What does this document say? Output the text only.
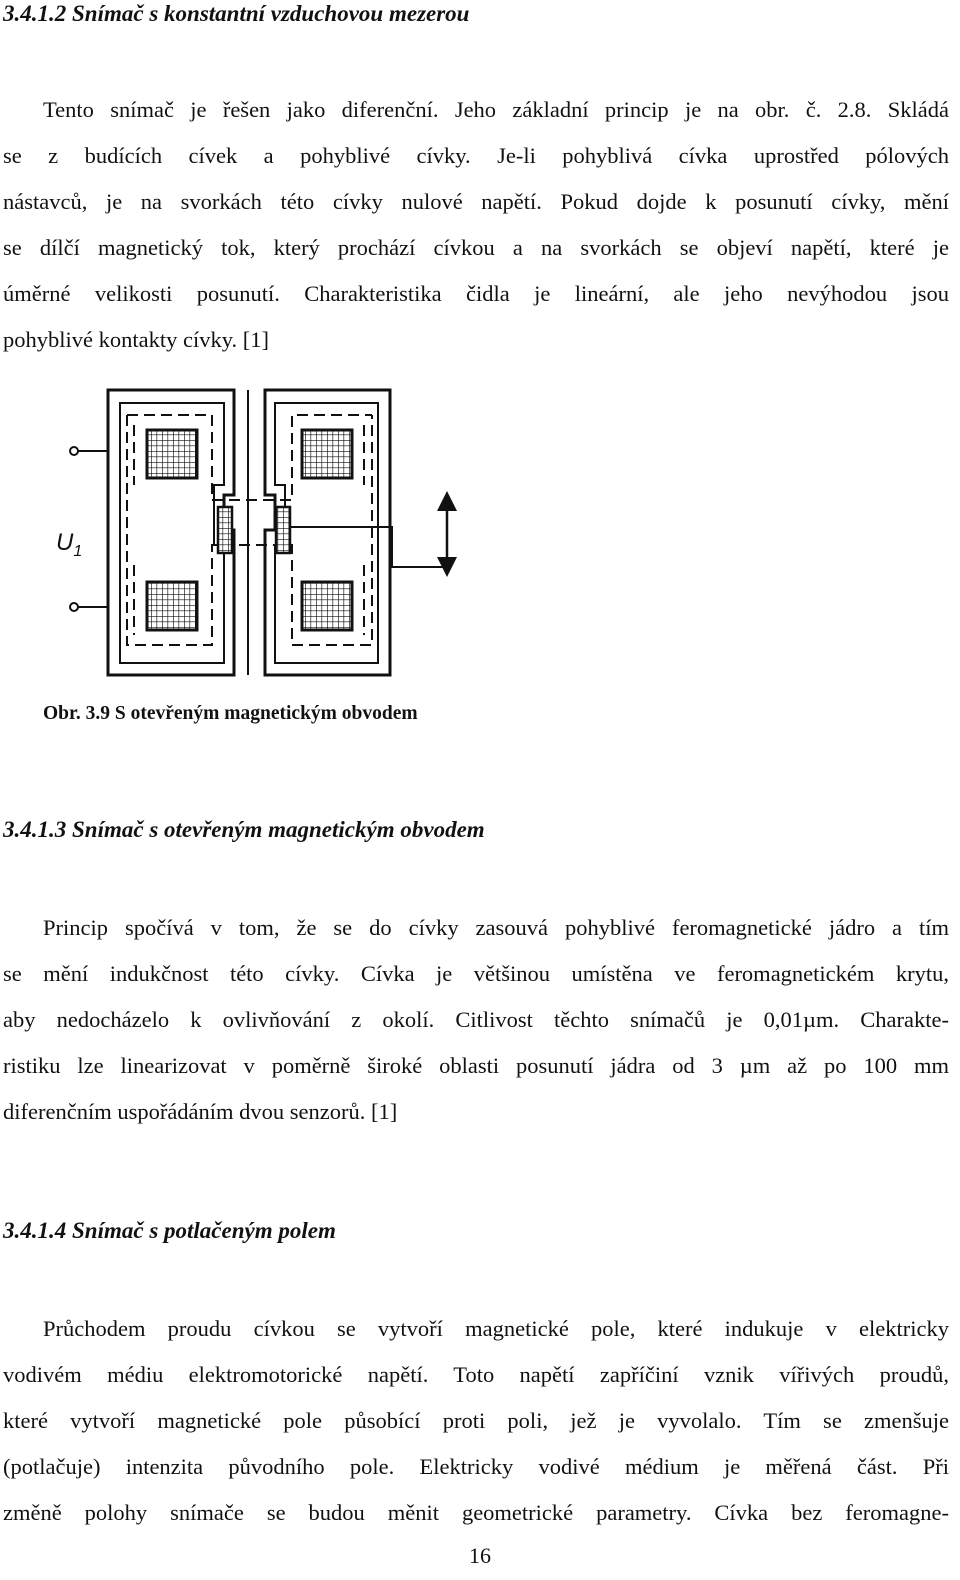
3.4.1.2 Snímač s konstantní vzduchovou mezerou
Tento snímač je řešen jako diferenční. Jeho základní princip je na obr. č. 2.8. Skládá
se z budících cívek a pohyblivé cívky. Je-li pohyblivá cívka uprostřed pólových
nástavců, je na svorkách této cívky nulové napětí. Pokud dojde k posunutí cívky, mění
se dílčí magnetický tok, který prochází cívkou a na svorkách se objeví napětí, které je
úměrné velikosti posunutí. Charakteristika čidla je lineární, ale jeho nevýhodou jsou
pohyblivé kontakty cívky. [1]
$U_1$

Obr. 3.9 S otevřeným magnetickým obvodem

3.4.1.3 Snímač s otevřeným magnetickým obvodem
Princip spočívá v tom, že se do cívky zasouvá pohyblivé feromagnetické jádro a tím
se mění indukčnost této cívky. Cívka je většinou umístěna ve feromagnetickém krytu,
aby nedocházelo k ovlivňování z okolí. Citlivost těchto snímačů je 0,01µm. Charakte-
ristiku lze linearizovat v poměrně široké oblasti posunutí jádra od 3 µm až po 100 mm
diferenčním uspořádáním dvou senzorů. [1]
3.4.1.4 Snímač s potlačeným polem
Průchodem proudu cívkou se vytvoří magnetické pole, které indukuje v elektricky
vodivém médiu elektromotorické napětí. Toto napětí zapříčiní vznik vířivých proudů,
které vytvoří magnetické pole působící proti poli, jež je vyvolalo. Tím se zmenšuje
(potlačuje) intenzita původního pole. Elektricky vodivé médium je měřená část. Při
změně polohy snímače se budou měnit geometrické parametry. Cívka bez feromagne-
16
